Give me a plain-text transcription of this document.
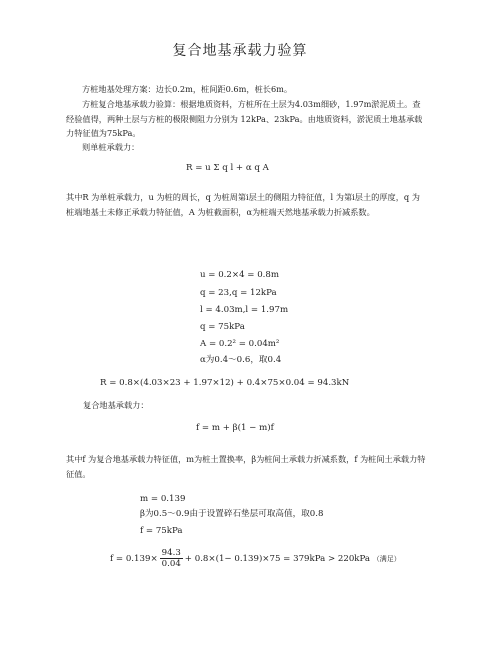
复合地基承载力验算
方桩地基处理方案：边长0.2m，桩间距0.6m，桩长6m。
方桩复合地基承载力验算：根据地质资料，方桩所在土层为4.03m细砂，1.97m淤泥质土。查经验值得，两种土层与方桩的极限侧阻力分别为 12kPa、23kPa。由地质资料，淤泥质土地基承载力特征值为75kPa。
则单桩承载力：
R = u Σ q l + α q A
其中R 为单桩承载力，u 为桩的周长，q 为桩周第i层土的侧阻力特征值，l 为第i层土的厚度，q 为桩端地基土未修正承载力特征值，A 为桩截面积，α为桩端天然地基承载力折减系数。
u = 0.2×4 = 0.8m
q = 23,q = 12kPa
l = 4.03m,l = 1.97m
q = 75kPa
A = 0.2² = 0.04m²
α为0.4～0.6，取0.4
R = 0.8×(4.03×23 + 1.97×12) + 0.4×75×0.04 = 94.3kN
复合地基承载力：
f = m + β(1 − m)f
其中f 为复合地基承载力特征值，m为桩土置换率，β为桩间土承载力折减系数，f 为桩间土承载力特征值。
m = 0.139
β为0.5～0.9由于设置碎石垫层可取高值，取0.8
f = 75kPa
$f = 0.139\times \frac{94.3}{0.04} + 0.8\times(1- 0.139)\times 75 = 379kPa > 220kPa$ （满足）
